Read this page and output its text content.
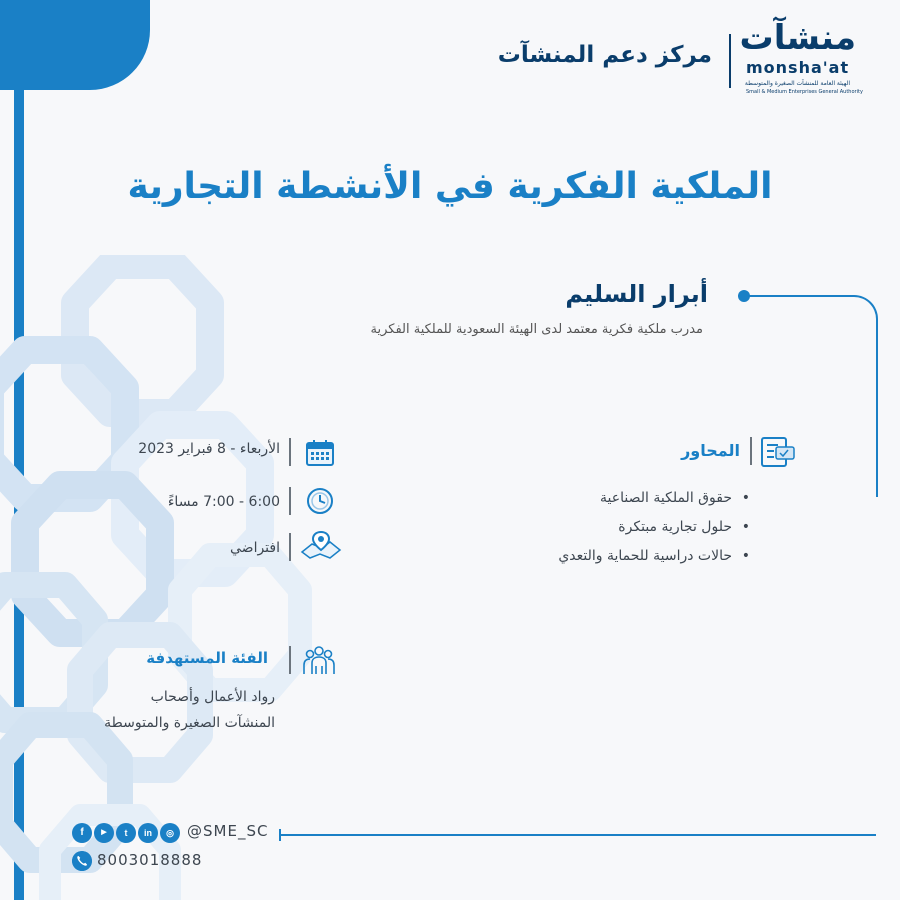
مركز دعم المنشآت منشآت
monsha'at
الهيئة العامة للمنشآت الصغيرة والمتوسطة
Small & Medium Enterprises General Authority
الملكية الفكرية في الأنشطة التجارية
أبرار السليم
مدرب ملكية فكرية معتمد لدى الهيئة السعودية للملكية الفكرية
المحاور
• حقوق الملكية الصناعية
• حلول تجارية مبتكرة
• حالات دراسية للحماية والتعدي
الأربعاء - 8 فبراير 2023
6:00 - 7:00 مساءً
افتراضي
الفئة المستهدفة
رواد الأعمال وأصحاب
المنشآت الصغيرة والمتوسطة
f	▶	t	in	◎ @SME_SC
8003018888
